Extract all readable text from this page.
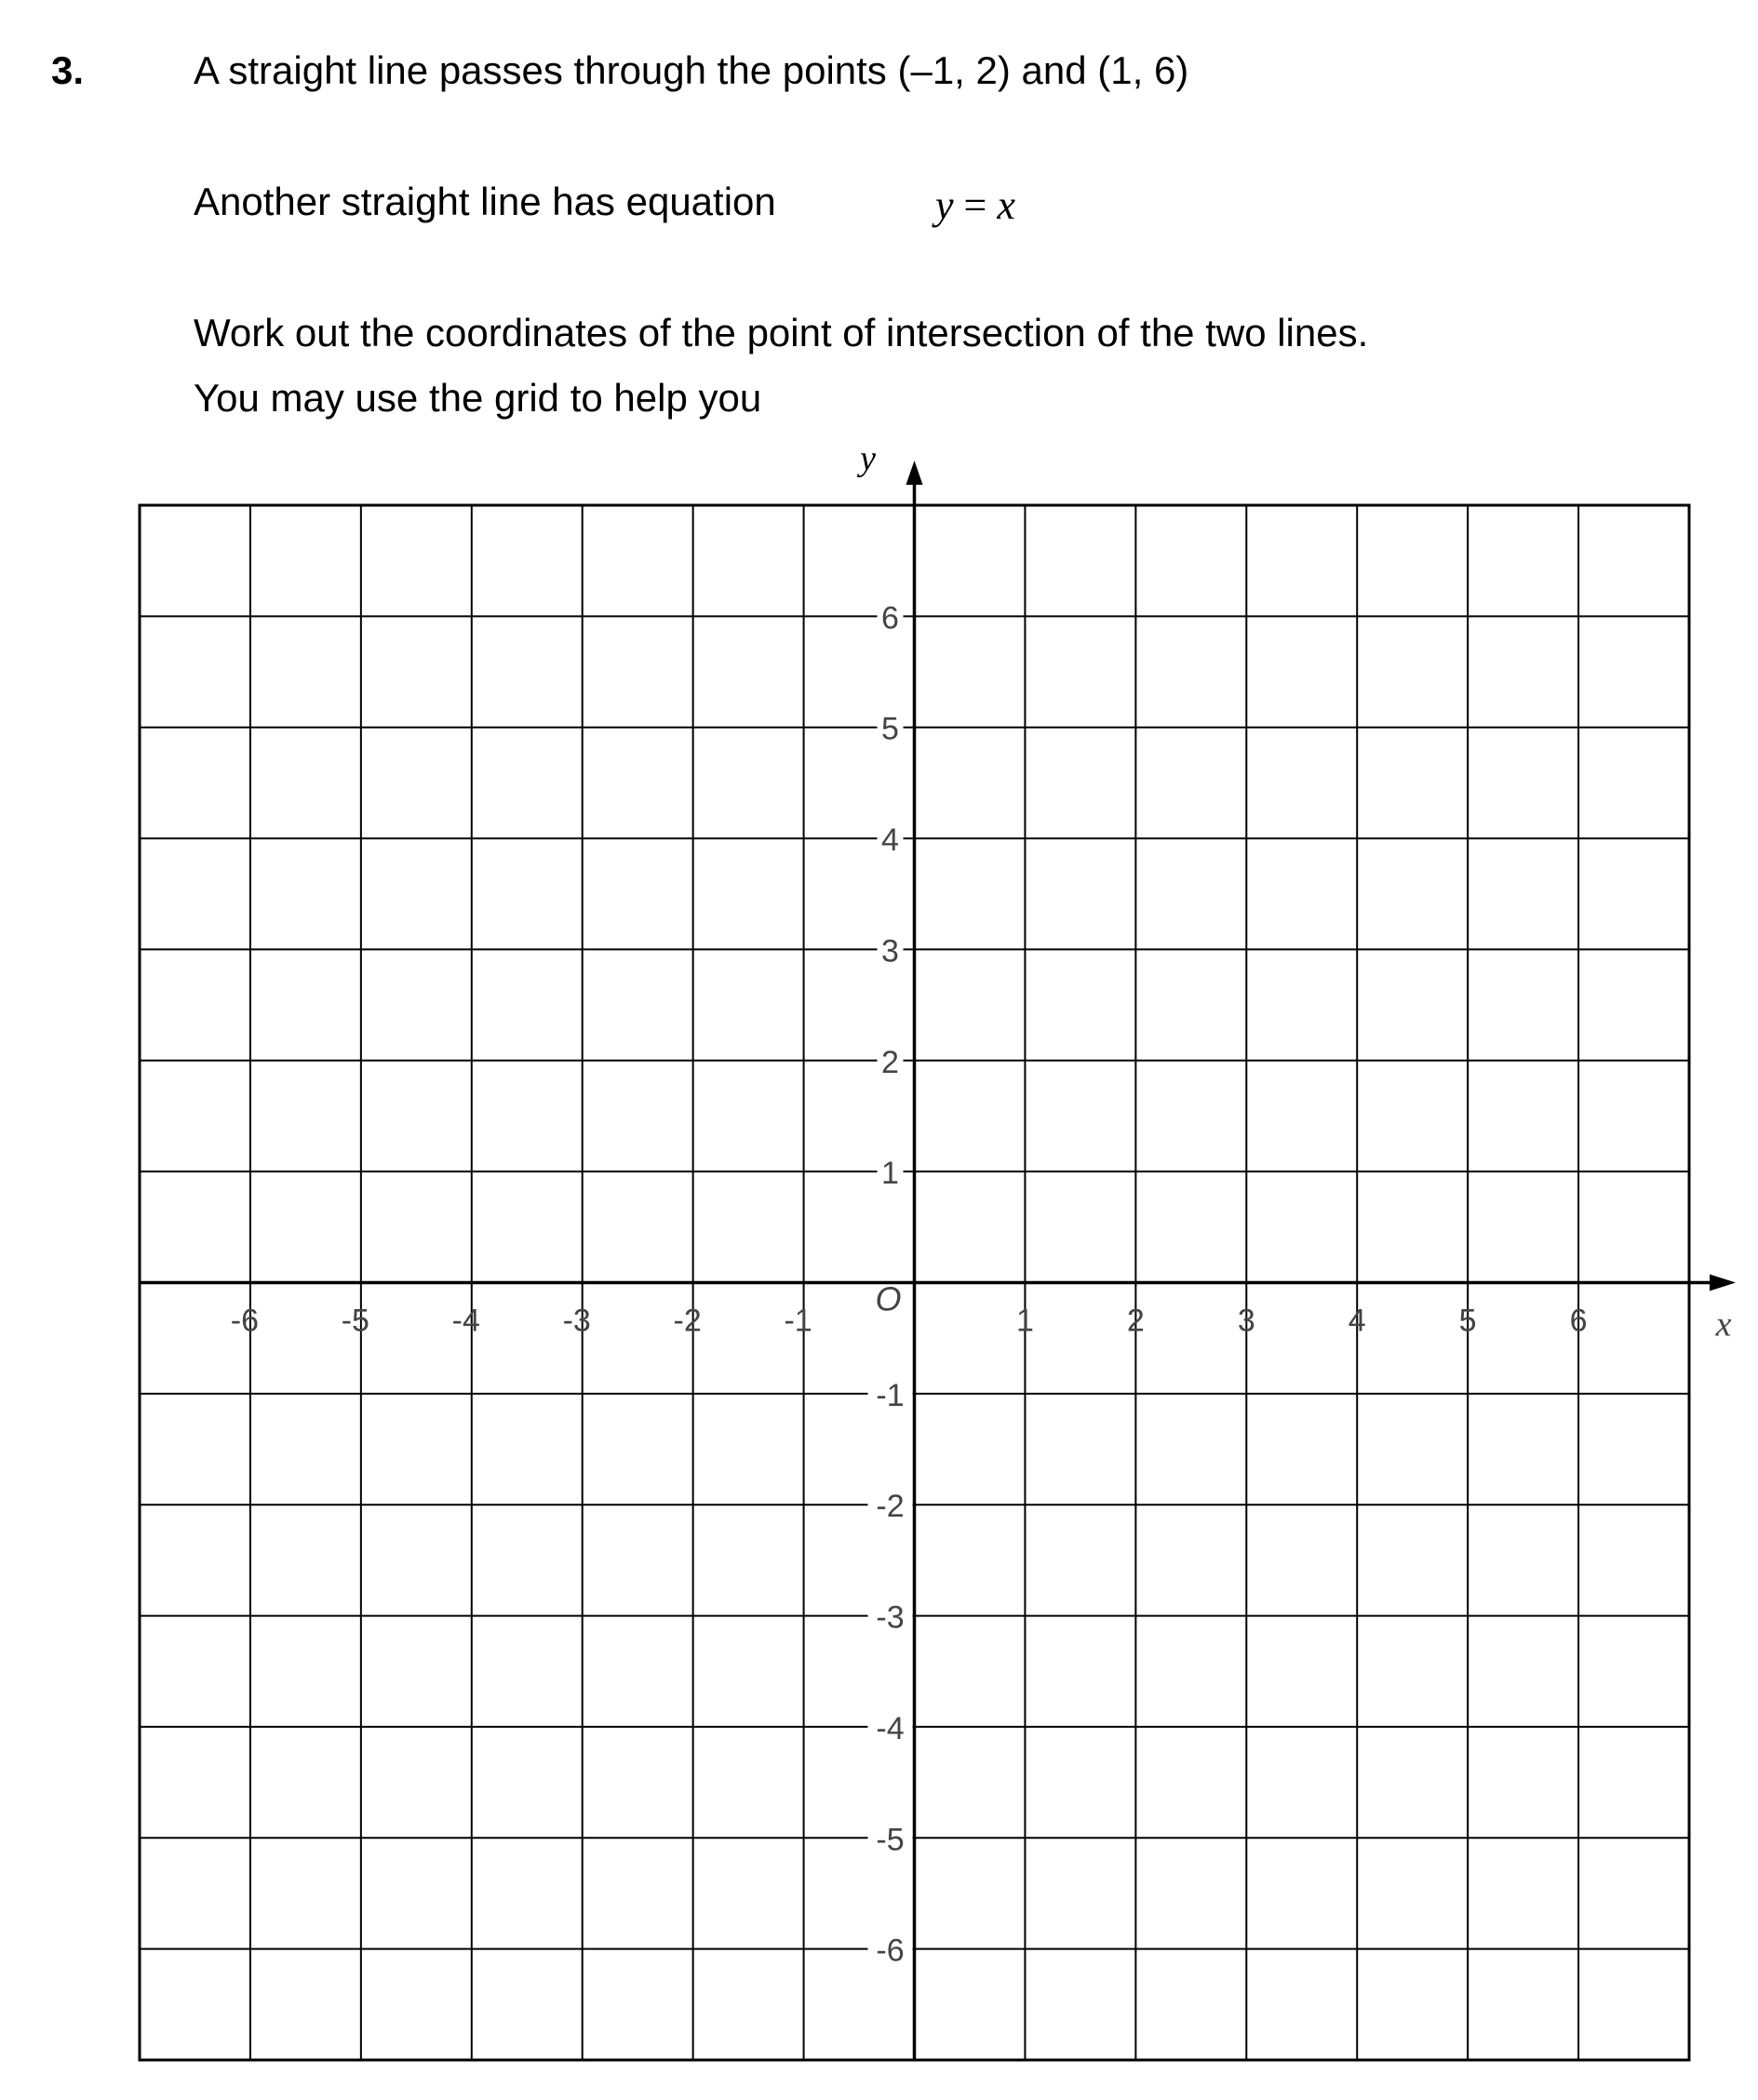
3.	A straight line passes through the points (–1, 2) and (1, 6)
Another straight line has equation	y = x
Work out the coordinates of the point of intersection of the two lines.
You may use the grid to help you
y
x
O
-6	-5	-4	-3	-2	-1	1	2	3	4	5	6
6
5
4
3
2
1
-1
-2
-3
-4
-5
-6
